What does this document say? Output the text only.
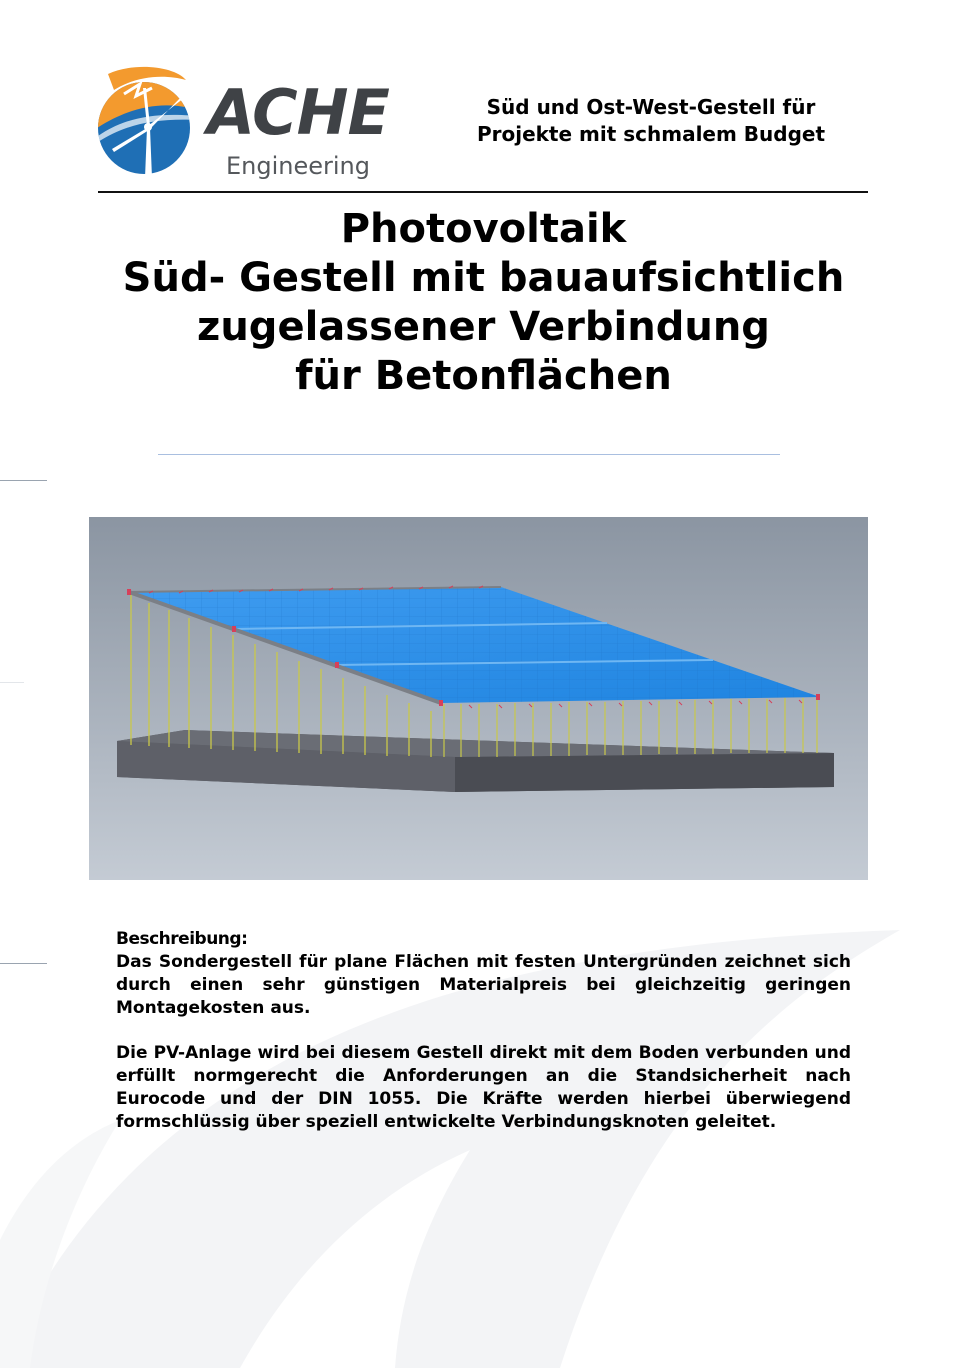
ACHE
Engineering
Süd und Ost-West-Gestell für
Projekte mit schmalem Budget
Photovoltaik
Süd- Gestell mit bauaufsichtlich
zugelassener Verbindung
für Betonflächen
Beschreibung:

Das Sondergestell für plane Flächen mit festen Untergründen zeichnet sich durch einen sehr günstigen Materialpreis bei gleichzeitig geringen Montagekosten aus.

Die PV-Anlage wird bei diesem Gestell direkt mit dem Boden verbunden und erfüllt normgerecht die Anforderungen an die Standsicherheit nach Eurocode und der DIN 1055. Die Kräfte werden hierbei überwiegend formschlüssig über speziell entwickelte Verbindungsknoten geleitet.
